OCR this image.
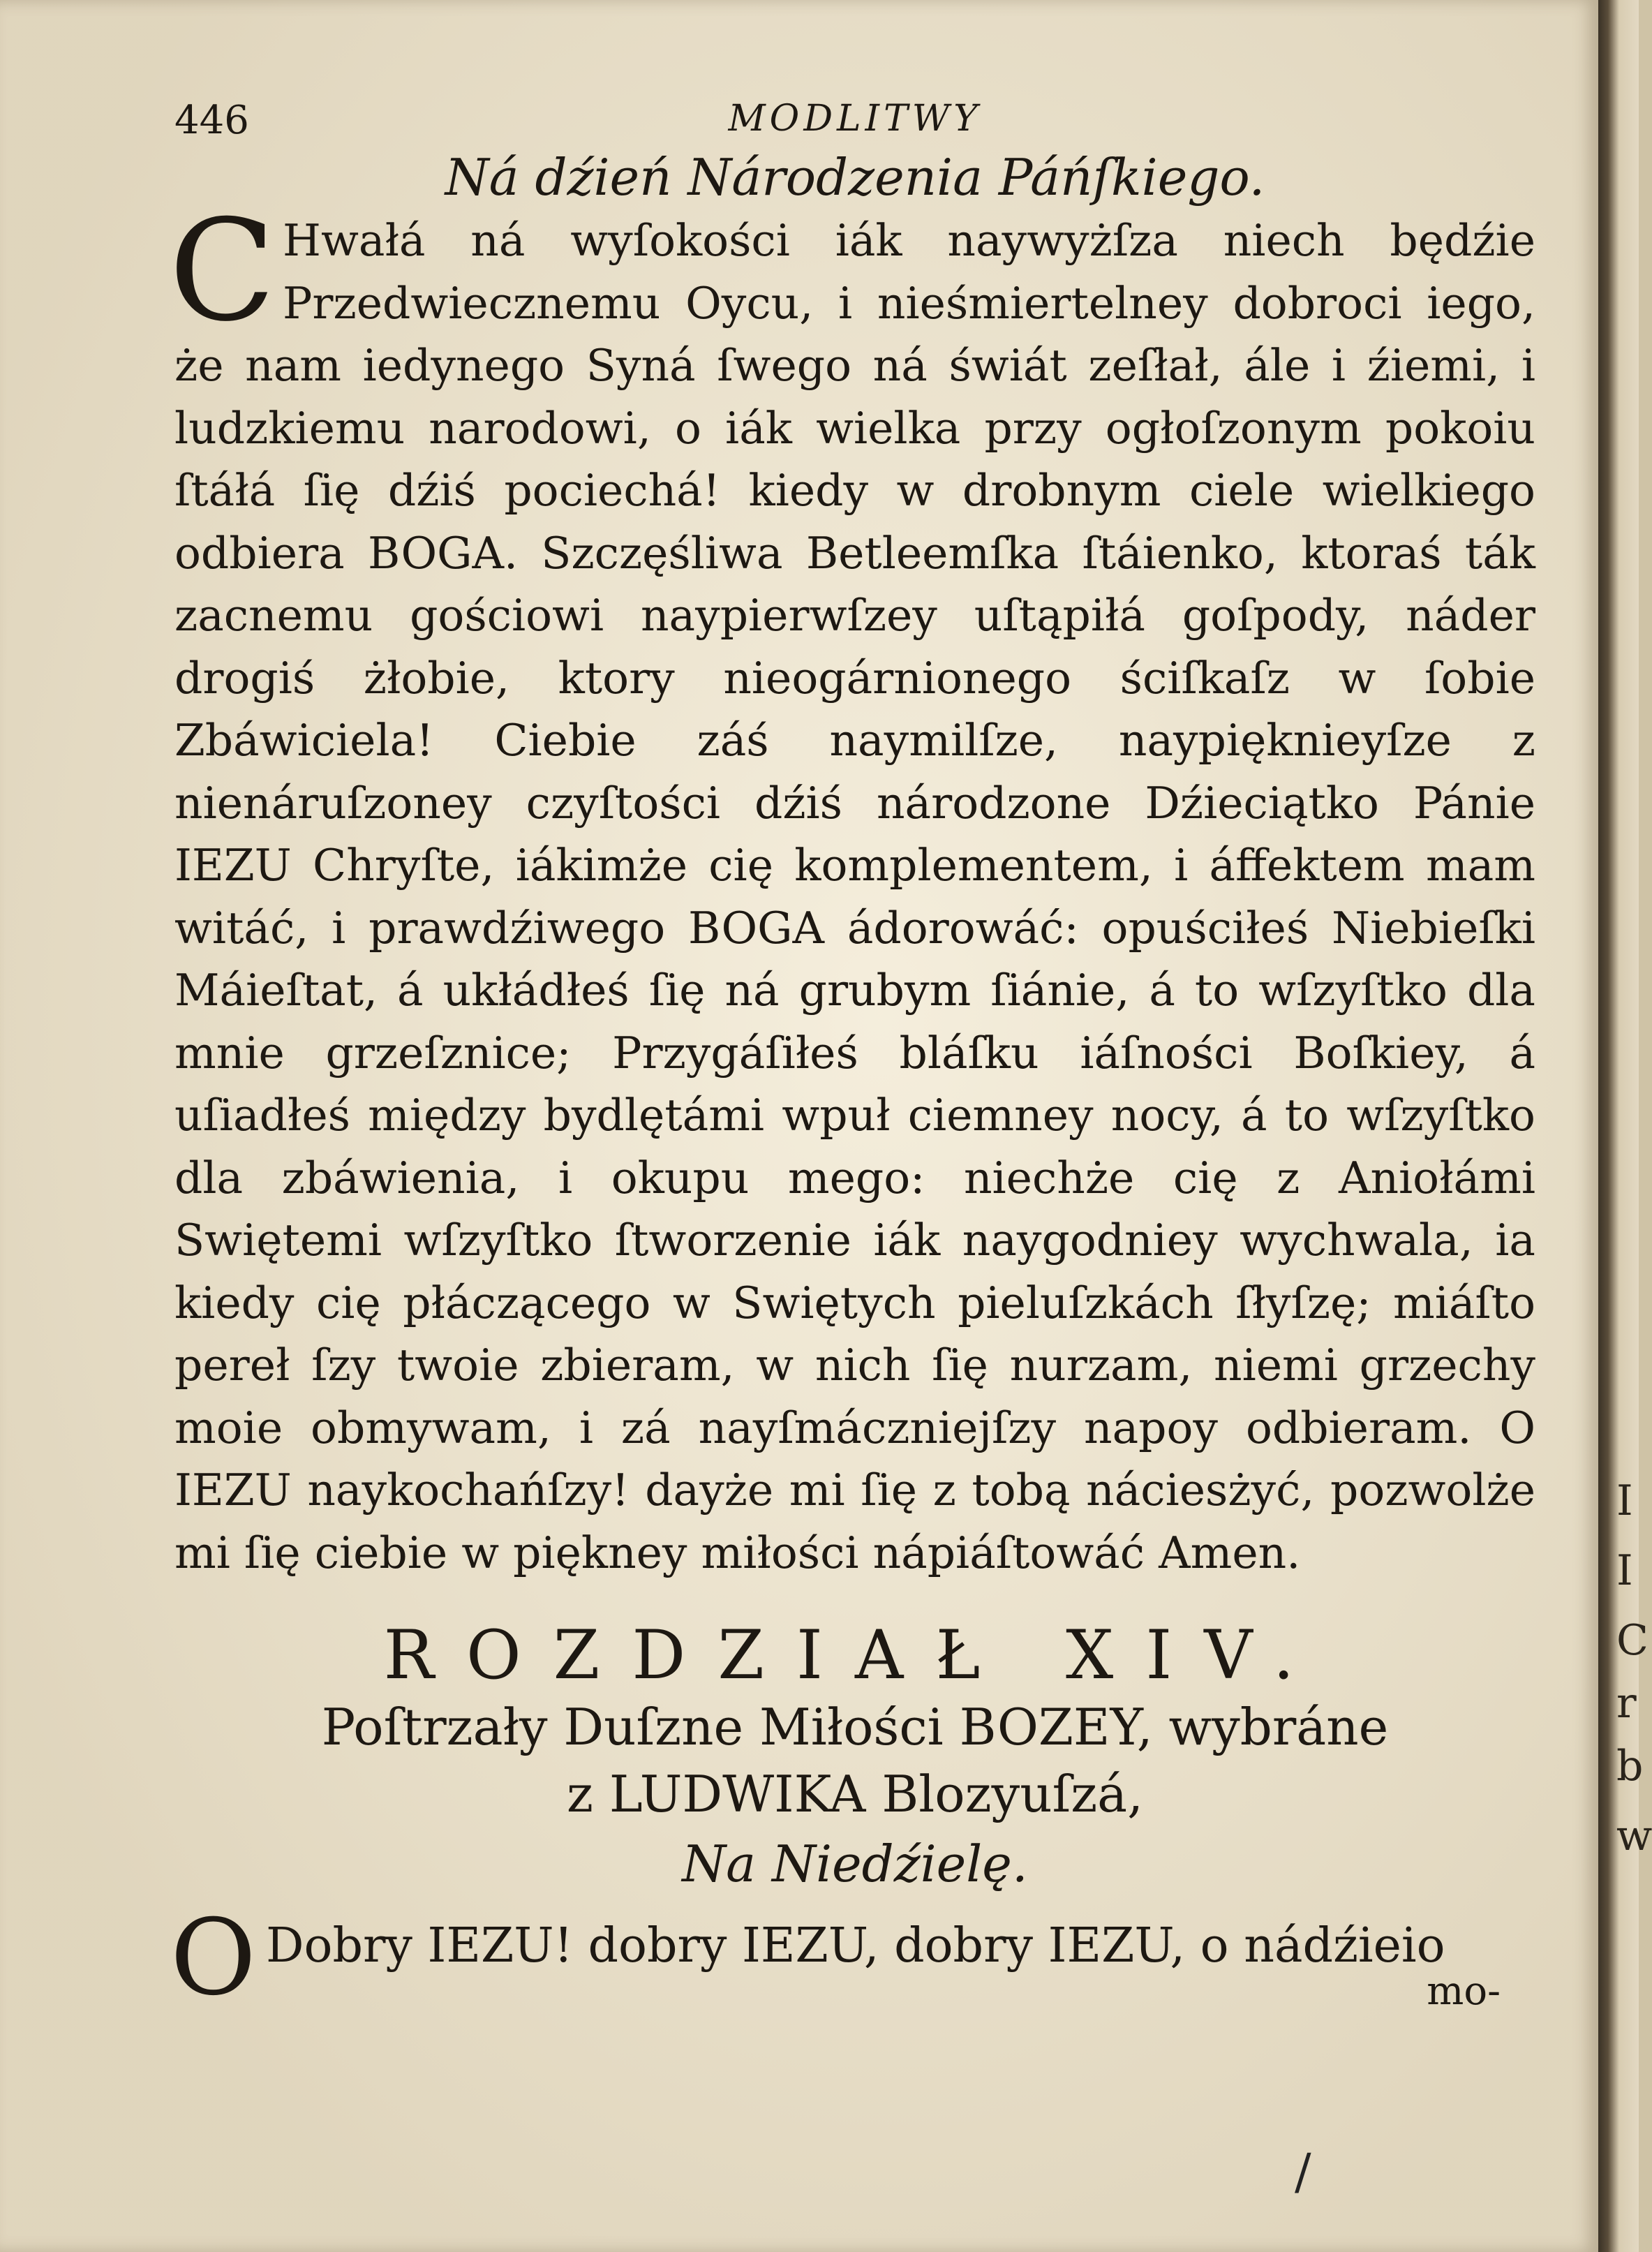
446	MODLITWY
Ná dźień Národzenia Páńſkiego.
C Hwałá ná wyſokości iák naywyżſza niech będźie Przedwiecznemu Oycu, i nieśmiertelney dobroci iego, że nam iedynego Syná ſwego ná świát zeſłał, ále i źiemi, i ludzkiemu narodowi, o iák wielka przy ogłoſzonym pokoiu ſtáłá ſię dźiś pociechá! kiedy w drobnym ciele wielkiego odbiera BOGA. Szczęśliwa Betleemſka ſtáienko, ktoraś ták zacnemu gościowi naypierwſzey uſtąpiłá goſpody, náder drogiś żłobie, ktory nieogárnionego ściſkaſz w ſobie Zbáwiciela! Ciebie záś naymilſze, naypięknieyſze z nienáruſzoney czyſtości dźiś národzone Dźieciątko Pánie IEZU Chryſte, iákimże cię komplementem, i áffektem mam witáć, i prawdźiwego BOGA ádorowáć: opuściłeś Niebieſki Máieſtat, á ukłádłeś ſię ná grubym ſiánie, á to wſzyſtko dla mnie grzeſznice; Przygáſiłeś bláſku iáſności Boſkiey, á uſiadłeś między bydlętámi wpuł ciemney nocy, á to wſzyſtko dla zbáwienia, i okupu mego: niechże cię z Aniołámi Swiętemi wſzyſtko ſtworzenie iák naygodniey wychwala, ia kiedy cię płáczącego w Swiętych pieluſzkách ſłyſzę; miáſto pereł ſzy twoie zbieram, w nich ſię nurzam, niemi grzechy moie obmywam, i zá nayſmáczniejſzy napoy odbieram. O IEZU naykochańſzy! dayże mi ſię z tobą náciesżyć, pozwolże mi ſię ciebie w piękney miłości nápiáſtowáć Amen.
ROZDZIAŁ XIV.
Poſtrzały Duſzne Miłości BOZEY, wybráne
z LUDWIKA Blozyuſzá,
Na Niedźielę.
O Dobry IEZU! dobry IEZU, dobry IEZU, o nádźieio
mo-
/
I
I
C
r
b
w
